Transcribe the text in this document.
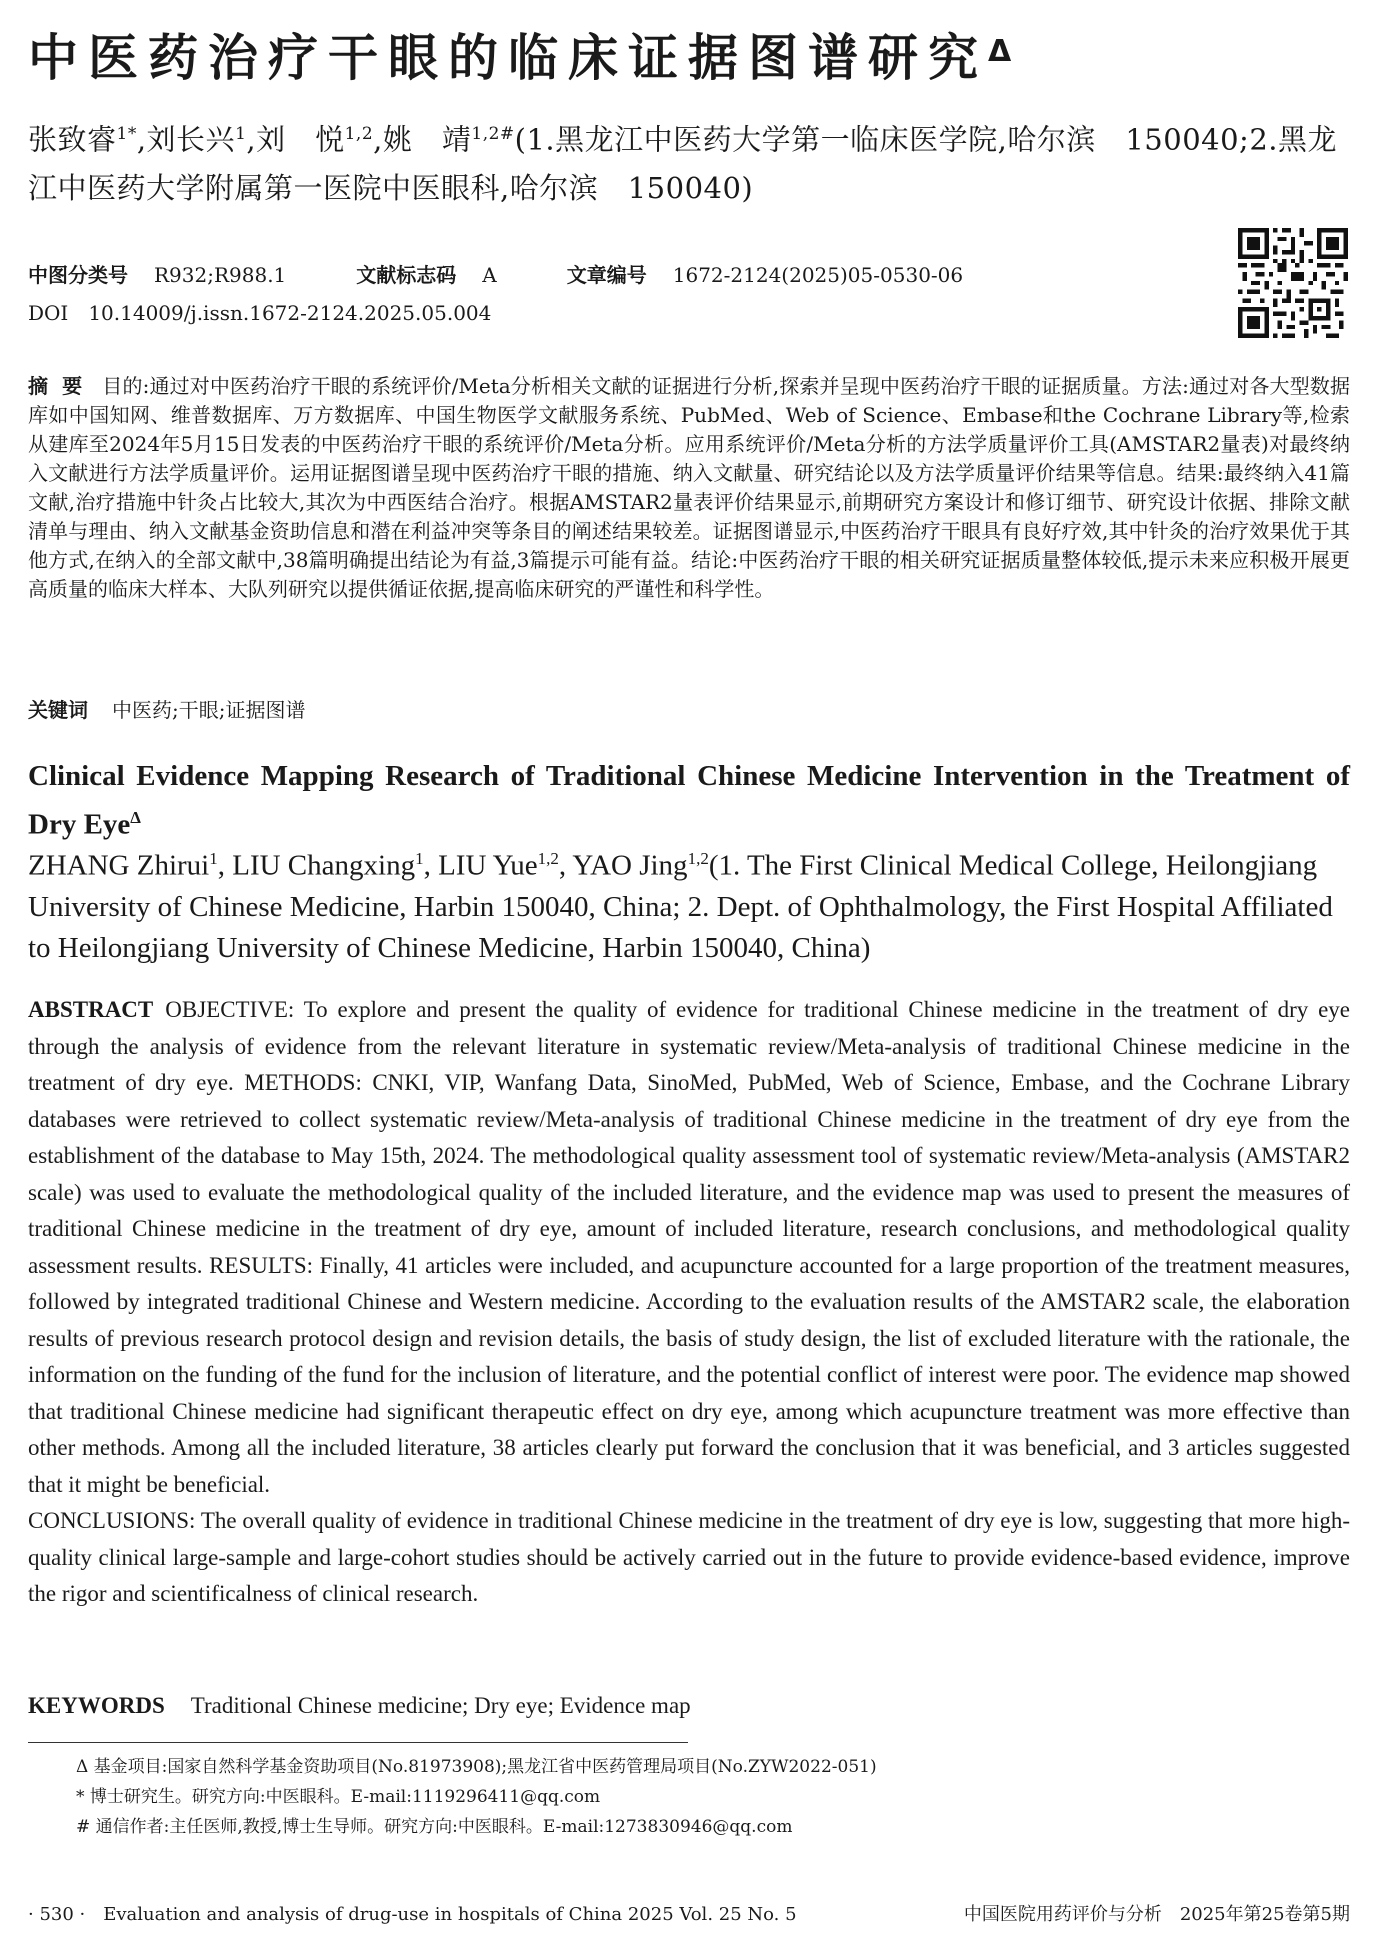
中医药治疗干眼的临床证据图谱研究$^\Delta$
张致睿$^{1*}$,刘长兴$^1$,刘　悦$^{1,2}$,姚　靖$^{1,2\#}$(1.黑龙江中医药大学第一临床医学院,哈尔滨　150040;2.黑龙江中医药大学附属第一医院中医眼科,哈尔滨　150040)
中图分类号 R932;R988.1	文献标志码 A	文章编号 1672-2124(2025)05-0530-06
DOI　10.14009/j.issn.1672-2124.2025.05.004
摘要 目的:通过对中医药治疗干眼的系统评价/Meta分析相关文献的证据进行分析,探索并呈现中医药治疗干眼的证据质量。方法:通过对各大型数据库如中国知网、维普数据库、万方数据库、中国生物医学文献服务系统、PubMed、Web of Science、Embase和the Cochrane Library等,检索从建库至2024年5月15日发表的中医药治疗干眼的系统评价/Meta分析。应用系统评价/Meta分析的方法学质量评价工具(AMSTAR2量表)对最终纳入文献进行方法学质量评价。运用证据图谱呈现中医药治疗干眼的措施、纳入文献量、研究结论以及方法学质量评价结果等信息。结果:最终纳入41篇文献,治疗措施中针灸占比较大,其次为中西医结合治疗。根据AMSTAR2量表评价结果显示,前期研究方案设计和修订细节、研究设计依据、排除文献清单与理由、纳入文献基金资助信息和潜在利益冲突等条目的阐述结果较差。证据图谱显示,中医药治疗干眼具有良好疗效,其中针灸的治疗效果优于其他方式,在纳入的全部文献中,38篇明确提出结论为有益,3篇提示可能有益。结论:中医药治疗干眼的相关研究证据质量整体较低,提示未来应积极开展更高质量的临床大样本、大队列研究以提供循证依据,提高临床研究的严谨性和科学性。
关键词 中医药;干眼;证据图谱
Clinical Evidence Mapping Research of Traditional Chinese Medicine Intervention in the Treatment of Dry Eye$^\Delta$
ZHANG Zhirui$^1$, LIU Changxing$^1$, LIU Yue$^{1,2}$, YAO Jing$^{1,2}$(1. The First Clinical Medical College, Heilongjiang University of Chinese Medicine, Harbin 150040, China; 2. Dept. of Ophthalmology, the First Hospital Affiliated to Heilongjiang University of Chinese Medicine, Harbin 150040, China)
ABSTRACT OBJECTIVE: To explore and present the quality of evidence for traditional Chinese medicine in the treatment of dry eye through the analysis of evidence from the relevant literature in systematic review/Meta-analysis of traditional Chinese medicine in the treatment of dry eye. METHODS: CNKI, VIP, Wanfang Data, SinoMed, PubMed, Web of Science, Embase, and the Cochrane Library databases were retrieved to collect systematic review/Meta-analysis of traditional Chinese medicine in the treatment of dry eye from the establishment of the database to May 15th, 2024. The methodological quality assessment tool of systematic review/Meta-analysis (AMSTAR2 scale) was used to evaluate the methodological quality of the included literature, and the evidence map was used to present the measures of traditional Chinese medicine in the treatment of dry eye, amount of included literature, research conclusions, and methodological quality assessment results. RESULTS: Finally, 41 articles were included, and acupuncture accounted for a large proportion of the treatment measures, followed by integrated traditional Chinese and Western medicine. According to the evaluation results of the AMSTAR2 scale, the elaboration results of previous research protocol design and revision details, the basis of study design, the list of excluded literature with the rationale, the information on the funding of the fund for the inclusion of literature, and the potential conflict of interest were poor. The evidence map showed that traditional Chinese medicine had significant therapeutic effect on dry eye, among which acupuncture treatment was more effective than other methods. Among all the included literature, 38 articles clearly put forward the conclusion that it was beneficial, and 3 articles suggested that it might be beneficial.
CONCLUSIONS: The overall quality of evidence in traditional Chinese medicine in the treatment of dry eye is low, suggesting that more high-quality clinical large-sample and large-cohort studies should be actively carried out in the future to provide evidence-based evidence, improve the rigor and scientificalness of clinical research.
KEYWORDS Traditional Chinese medicine; Dry eye; Evidence map
Δ 基金项目:国家自然科学基金资助项目(No.81973908);黑龙江省中医药管理局项目(No.ZYW2022-051)
* 博士研究生。研究方向:中医眼科。E-mail:1119296411@qq.com
# 通信作者:主任医师,教授,博士生导师。研究方向:中医眼科。E-mail:1273830946@qq.com
· 530 ·　Evaluation and analysis of drug-use in hospitals of China 2025 Vol. 25 No. 5	中国医院用药评价与分析　2025年第25卷第5期
